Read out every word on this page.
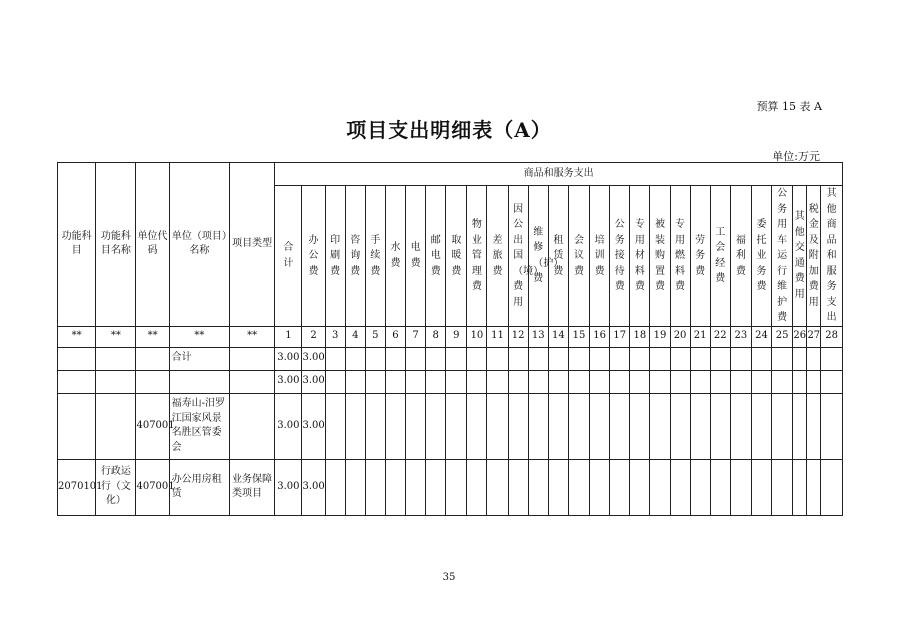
预算 15 表 A
项目支出明细表（A）
单位:万元
功能科目	功能科目名称	单位代码	单位（项目）名称	项目类型	商品和服务支出																											
					合计	办公费	印刷费	咨询费	手续费	水费	电费	邮电费	取暖费	物业管理费	差旅费	因公出国（境）费用	维修（护）费	租赁费	会议费	培训费	公务接待费	专用材料费	被装购置费	专用燃料费	劳务费	工会经费	福利费	委托业务费	公务用车运行维护费	其他交通费用	税金及附加费用	其他商品和服务支出
**	**	**	**	**	1	2	3	4	5	6	7	8	9	10	11	12	13	14	15	16	17	18	19	20	21	22	23	24	25	26	27	28
			合计		3.00	3.00																										
					3.00	3.00																										
		407001	福寿山-汨罗江国家风景名胜区管委会		3.00	3.00																										
2070101	行政运行（文化）	407001	办公用房租赁	业务保障类项目	3.00	3.00																										
35
